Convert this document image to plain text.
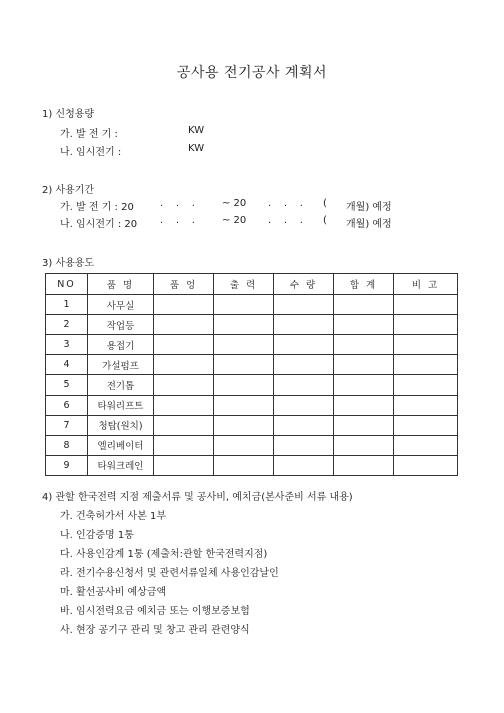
공사용 전기공사 계획서
1) 신청용량
가. 발 전 기 :	KW
나. 임시전기 :	KW
2) 사용기간
가. 발 전 기 : 20	.    .    .	~ 20 .    .    . ( 개월) 예정
나. 임시전기 : 20 .    .    .	~ 20 .    .    . ( 개월) 예정
3) 사용용도
NO	품 명	품 엉	출 력	수 량	합 계	비 고
1	사무실					
2	작업등					
3	용접기					
4	가설펌프					
5	전기톱					
6	타워리프트					
7	청탑(원치)					
8	엘리베이터					
9	타워크레인					
4) 관할 한국전력 지점 제출서류 및 공사비, 예치금(본사준비 서류 내용)
가. 건축허가서 사본 1부
나. 인감증명 1통
다. 사용인감계 1통 (제출처:관할 한국전력지점)
라. 전기수용신청서 및 관련서류일체 사용인감날인
마. 활선공사비 예상금액
바. 임시전력요금 예치금 또는 이행보증보험
사. 현장 공기구 관리 및 창고 관리 관련양식
